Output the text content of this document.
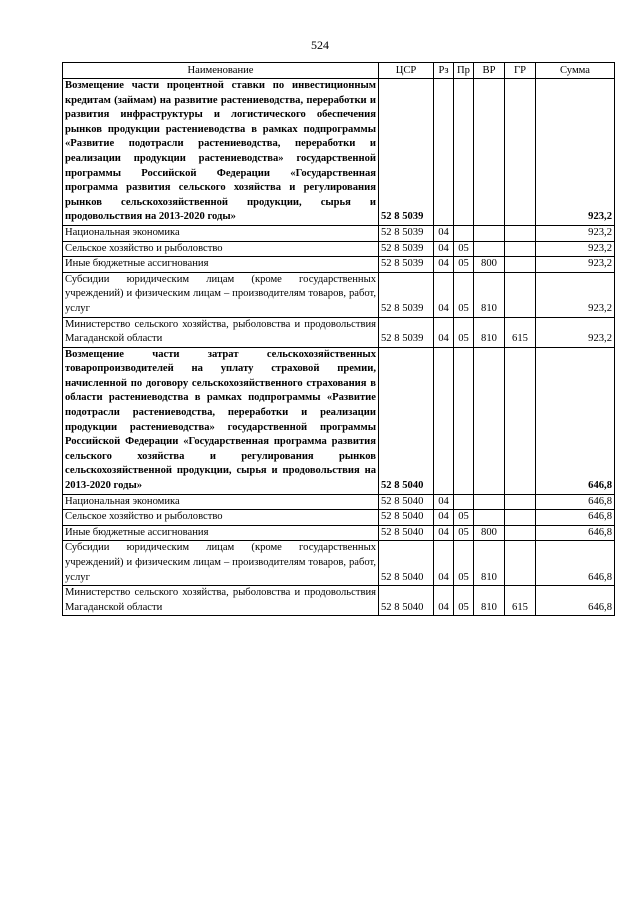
524
Наименование	ЦСР	Рз	Пр	ВР	ГР	Сумма
Возмещение части процентной ставки по инвестиционным кредитам (займам) на развитие растениеводства, переработки и развития инфраструктуры и логистического обеспечения рынков продукции растениеводства в рамках подпрограммы «Развитие подотрасли растениеводства, переработки и реализации продукции растениеводства» государственной программы Российской Федерации «Государственная программа развития сельского хозяйства и регулирования рынков сельскохозяйственной продукции, сырья и продовольствия на 2013-2020 годы»	52 8 5039					923,2
Национальная экономика	52 8 5039	04				923,2
Сельское хозяйство и рыболовство	52 8 5039	04	05			923,2
Иные бюджетные ассигнования	52 8 5039	04	05	800		923,2
Субсидии юридическим лицам (кроме государственных учреждений) и физическим лицам – производителям товаров, работ, услуг	52 8 5039	04	05	810		923,2
Министерство сельского хозяйства, рыболовства и продовольствия Магаданской области	52 8 5039	04	05	810	615	923,2
Возмещение части затрат сельскохозяйственных товаропроизводителей на уплату страховой премии, начисленной по договору сельскохозяйственного страхования в области растениеводства в рамках подпрограммы «Развитие подотрасли растениеводства, переработки и реализации продукции растениеводства» государственной программы Российской Федерации «Государственная программа развития сельского хозяйства и регулирования рынков сельскохозяйственной продукции, сырья и продовольствия на 2013-2020 годы»	52 8 5040					646,8
Национальная экономика	52 8 5040	04				646,8
Сельское хозяйство и рыболовство	52 8 5040	04	05			646,8
Иные бюджетные ассигнования	52 8 5040	04	05	800		646,8
Субсидии юридическим лицам (кроме государственных учреждений) и физическим лицам – производителям товаров, работ, услуг	52 8 5040	04	05	810		646,8
Министерство сельского хозяйства, рыболовства и продовольствия Магаданской области	52 8 5040	04	05	810	615	646,8
